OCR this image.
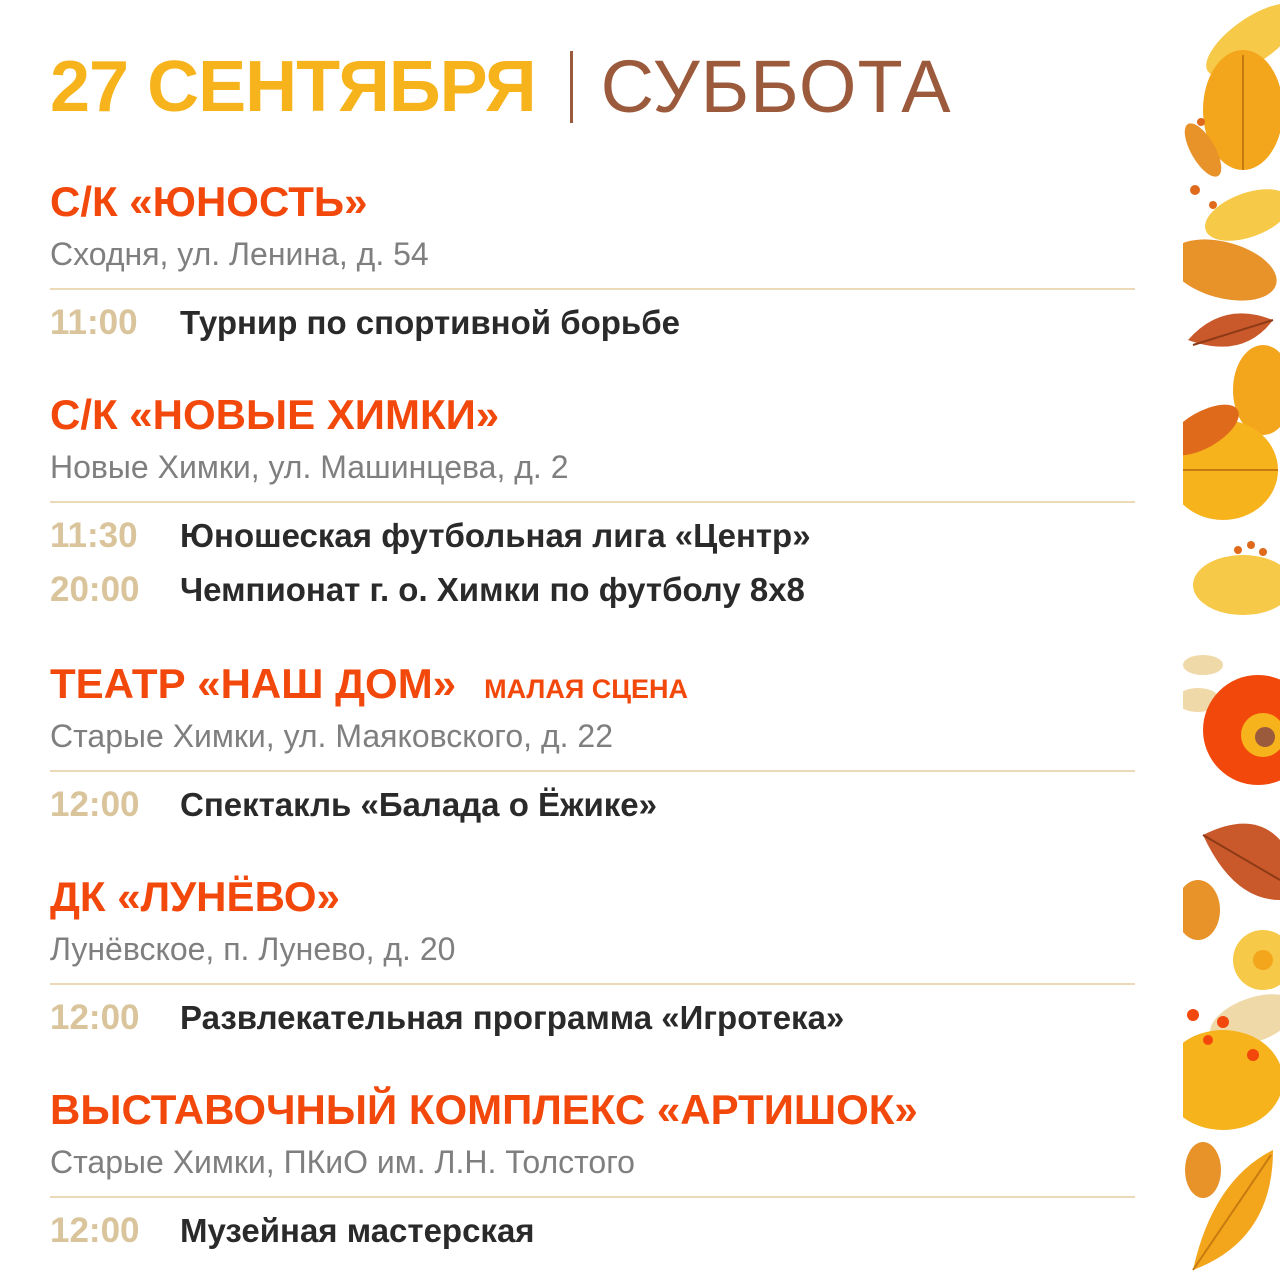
27 СЕНТЯБРЯ СУББОТА
С/К «ЮНОСТЬ»
Сходня, ул. Ленина, д. 54
11:00	Турнир по спортивной борьбе
С/К «НОВЫЕ ХИМКИ»
Новые Химки, ул. Машинцева, д. 2
11:30	Юношеская футбольная лига «Центр»
20:00	Чемпионат г. о. Химки по футболу 8х8
ТЕАТР «НАШ ДОМ» МАЛАЯ СЦЕНА
Старые Химки, ул. Маяковского, д. 22
12:00	Спектакль «Балада о Ёжике»
ДК «ЛУНЁВО»
Лунёвское, п. Лунево, д. 20
12:00	Развлекательная программа «Игротека»
ВЫСТАВОЧНЫЙ КОМПЛЕКС «АРТИШОК»
Старые Химки, ПКиО им. Л.Н. Толстого
12:00	Музейная мастерская
